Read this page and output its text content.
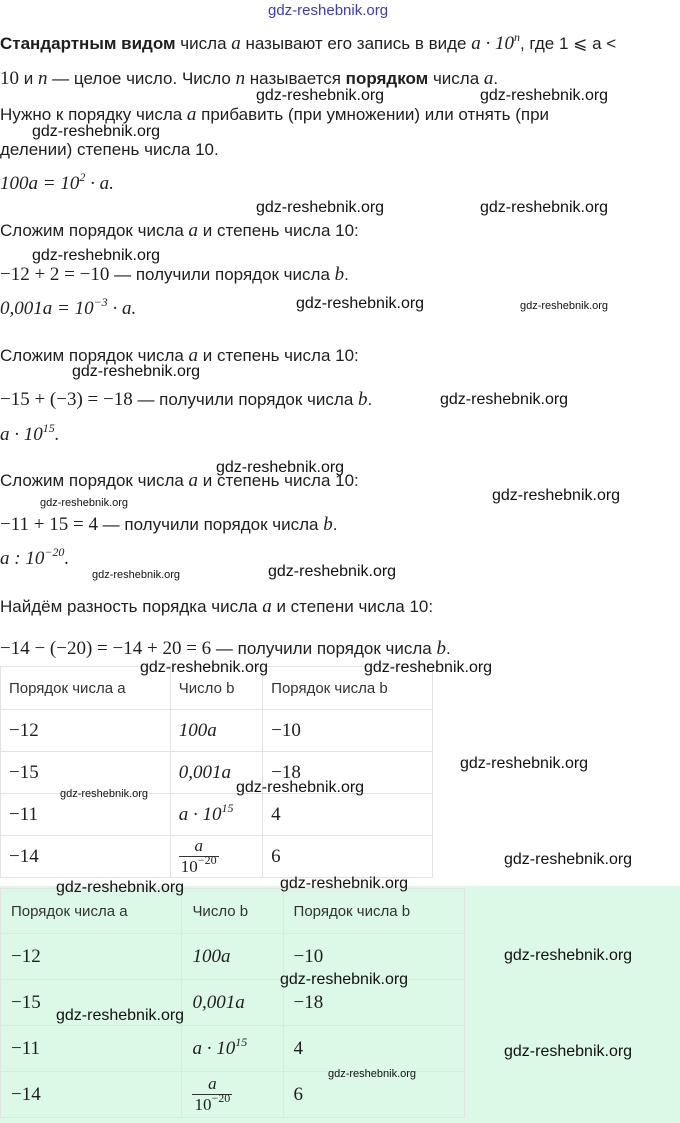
gdz-reshebnik.org
Стандартным видом числа a называют его запись в виде $a \cdot 10^n$, где 1 ⩽ a <
10 и n — целое число. Число n называется порядком числа a.
Нужно к порядку числа a прибавить (при умножении) или отнять (при
делении) степень числа 10.
$100a = 10^2 \cdot a$.
Сложим порядок числа a и степень числа 10:
−12 + 2 = −10 — получили порядок числа b.
$0,001a = 10^{-3} \cdot a$.
Сложим порядок числа a и степень числа 10:
−15 + (−3) = −18 — получили порядок числа b.
$a \cdot 10^{15}$.
Сложим порядок числа a и степень числа 10:
−11 + 15 = 4 — получили порядок числа b.
a : $10^{-20}$.
Найдём разность порядка числа a и степени числа 10:
−14 − (−20) = −14 + 20 = 6 — получили порядок числа b.
Порядок числа a	Число b	Порядок числа b
−12	100a	−10
−15	0,001a	−18
−11	$a \cdot 10^{15}$	4
−14	$\frac{a}{10^{-20}}$	6
Порядок числа a	Число b	Порядок числа b
−12	100a	−10
−15	0,001a	−18
−11	$a \cdot 10^{15}$	4
−14	$\frac{a}{10^{-20}}$	6
gdz-reshebnik.org	gdz-reshebnik.org
gdz-reshebnik.org
gdz-reshebnik.org	gdz-reshebnik.org
gdz-reshebnik.org
gdz-reshebnik.org	gdz-reshebnik.org
gdz-reshebnik.org
gdz-reshebnik.org
gdz-reshebnik.org
gdz-reshebnik.org	gdz-reshebnik.org
gdz-reshebnik.org	gdz-reshebnik.org
gdz-reshebnik.org	gdz-reshebnik.org
gdz-reshebnik.org
gdz-reshebnik.org	gdz-reshebnik.org
gdz-reshebnik.org
gdz-reshebnik.org	gdz-reshebnik.org
gdz-reshebnik.org
gdz-reshebnik.org
gdz-reshebnik.org
gdz-reshebnik.org
gdz-reshebnik.org
